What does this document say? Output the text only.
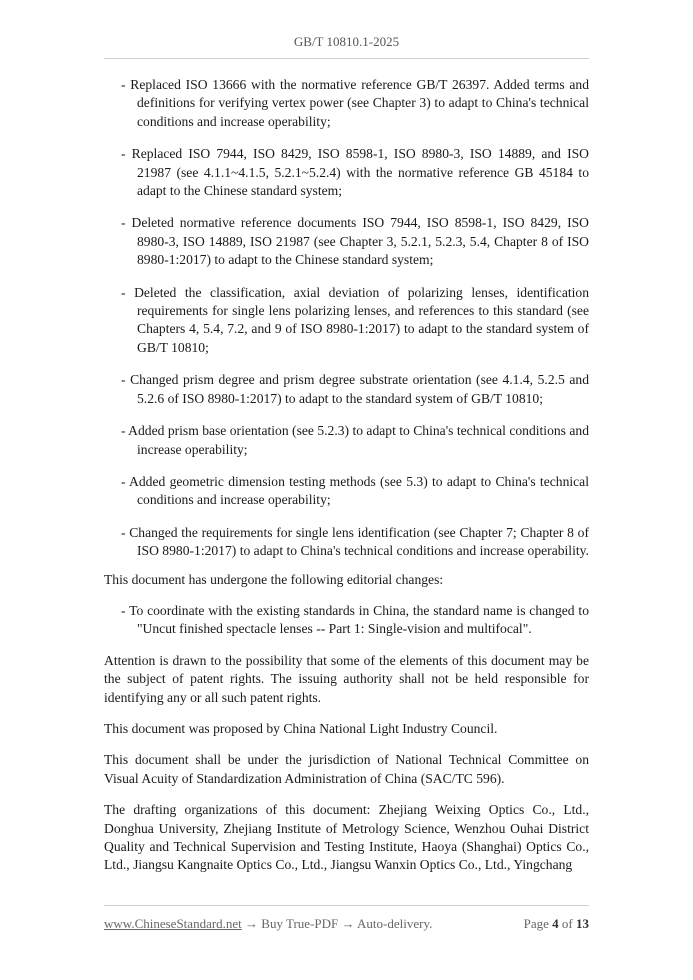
GB/T 10810.1-2025
- Replaced ISO 13666 with the normative reference GB/T 26397. Added terms and definitions for verifying vertex power (see Chapter 3) to adapt to China's technical conditions and increase operability;
- Replaced ISO 7944, ISO 8429, ISO 8598-1, ISO 8980-3, ISO 14889, and ISO 21987 (see 4.1.1~4.1.5, 5.2.1~5.2.4) with the normative reference GB 45184 to adapt to the Chinese standard system;
- Deleted normative reference documents ISO 7944, ISO 8598-1, ISO 8429, ISO 8980-3, ISO 14889, ISO 21987 (see Chapter 3, 5.2.1, 5.2.3, 5.4, Chapter 8 of ISO 8980-1:2017) to adapt to the Chinese standard system;
- Deleted the classification, axial deviation of polarizing lenses, identification requirements for single lens polarizing lenses, and references to this standard (see Chapters 4, 5.4, 7.2, and 9 of ISO 8980-1:2017) to adapt to the standard system of GB/T 10810;
- Changed prism degree and prism degree substrate orientation (see 4.1.4, 5.2.5 and 5.2.6 of ISO 8980-1:2017) to adapt to the standard system of GB/T 10810;
- Added prism base orientation (see 5.2.3) to adapt to China's technical conditions and increase operability;
- Added geometric dimension testing methods (see 5.3) to adapt to China's technical conditions and increase operability;
- Changed the requirements for single lens identification (see Chapter 7; Chapter 8 of ISO 8980-1:2017) to adapt to China's technical conditions and increase operability.

This document has undergone the following editorial changes:

- To coordinate with the existing standards in China, the standard name is changed to "Uncut finished spectacle lenses -- Part 1: Single-vision and multifocal".

Attention is drawn to the possibility that some of the elements of this document may be the subject of patent rights. The issuing authority shall not be held responsible for identifying any or all such patent rights.

This document was proposed by China National Light Industry Council.

This document shall be under the jurisdiction of National Technical Committee on Visual Acuity of Standardization Administration of China (SAC/TC 596).

The drafting organizations of this document: Zhejiang Weixing Optics Co., Ltd., Donghua University, Zhejiang Institute of Metrology Science, Wenzhou Ouhai District Quality and Technical Supervision and Testing Institute, Haoya (Shanghai) Optics Co., Ltd., Jiangsu Kangnaite Optics Co., Ltd., Jiangsu Wanxin Optics Co., Ltd., Yingchang

www.ChineseStandard.net → Buy True-PDF → Auto-delivery.	Page 4 of 13
